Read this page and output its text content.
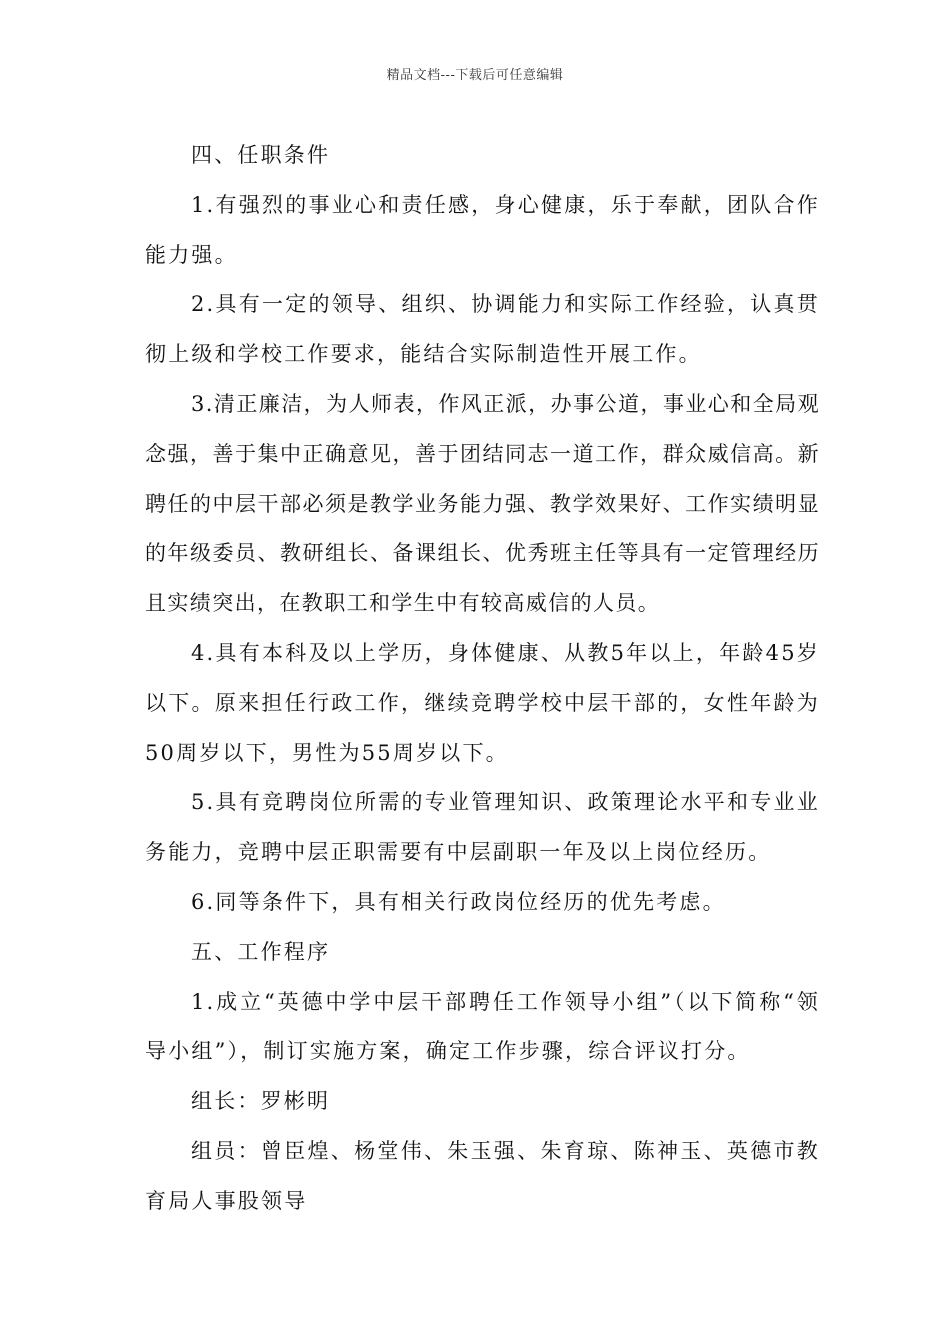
精品文档---下载后可任意编辑

四、任职条件

1.有强烈的事业心和责任感，身心健康，乐于奉献，团队合作能力强。

2.具有一定的领导、组织、协调能力和实际工作经验，认真贯彻上级和学校工作要求，能结合实际制造性开展工作。

3.清正廉洁，为人师表，作风正派，办事公道，事业心和全局观念强，善于集中正确意见，善于团结同志一道工作，群众威信高。新聘任的中层干部必须是教学业务能力强、教学效果好、工作实绩明显的年级委员、教研组长、备课组长、优秀班主任等具有一定管理经历且实绩突出，在教职工和学生中有较高威信的人员。

4.具有本科及以上学历，身体健康、从教5年以上，年龄45岁以下。原来担任行政工作，继续竞聘学校中层干部的，女性年龄为50周岁以下，男性为55周岁以下。

5.具有竞聘岗位所需的专业管理知识、政策理论水平和专业业务能力，竞聘中层正职需要有中层副职一年及以上岗位经历。

6.同等条件下，具有相关行政岗位经历的优先考虑。

五、工作程序

1.成立“英德中学中层干部聘任工作领导小组”（以下简称“领导小组”），制订实施方案，确定工作步骤，综合评议打分。

组长：罗彬明

组员：曾臣煌、杨堂伟、朱玉强、朱育琼、陈神玉、英德市教育局人事股领导
